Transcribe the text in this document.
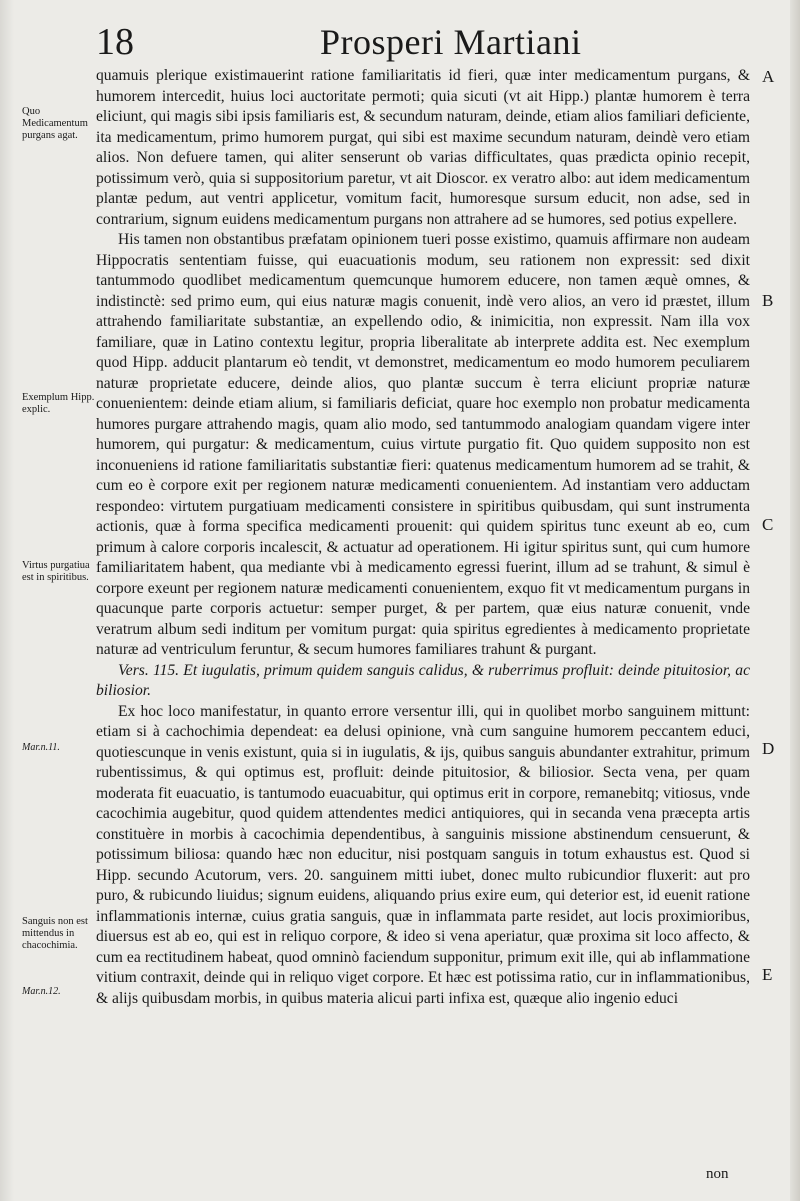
18	Prosperi Martiani

quamuis plerique existimauerint ratione familiaritatis id fieri, quæ inter medicamentum purgans, & humorem intercedit, huius loci auctoritate permoti; quia sicuti (vt ait Hipp.) plantæ humorem è terra eliciunt, qui magis sibi ipsis familiaris est, & secundum naturam, deinde, etiam alios familiari deficiente, ita medicamentum, primo humorem purgat, qui sibi est maxime secundum naturam, deindè vero etiam alios. Non defuere tamen, qui aliter senserunt ob varias difficultates, quas prædicta opinio recepit, potissimum verò, quia si suppositorium paretur, vt ait Dioscor. ex veratro albo: aut idem medicamentum plantæ pedum, aut ventri applicetur, vomitum facit, humoresque sursum educit, non adse, sed in contrarium, signum euidens medicamentum purgans non attrahere ad se humores, sed potius expellere.

His tamen non obstantibus præfatam opinionem tueri posse existimo, quamuis affirmare non audeam Hippocratis sententiam fuisse, qui euacuationis modum, seu rationem non expressit: sed dixit tantummodo quodlibet medicamentum quemcunque humorem educere, non tamen æquè omnes, & indistinctè: sed primo eum, qui eius naturæ magis conuenit, indè vero alios, an vero id præstet, illum attrahendo familiaritate substantiæ, an expellendo odio, & inimicitia, non expressit. Nam illa vox familiare, quæ in Latino contextu legitur, propria liberalitate ab interprete addita est. Nec exemplum quod Hipp. adducit plantarum eò tendit, vt demonstret, medicamentum eo modo humorem peculiarem naturæ proprietate educere, deinde alios, quo plantæ succum è terra eliciunt propriæ naturæ conuenientem: deinde etiam alium, si familiaris deficiat, quare hoc exemplo non probatur medicamenta humores purgare attrahendo magis, quam alio modo, sed tantummodo analogiam quandam vigere inter humorem, qui purgatur: & medicamentum, cuius virtute purgatio fit. Quo quidem supposito non est inconueniens id ratione familiaritatis substantiæ fieri: quatenus medicamentum humorem ad se trahit, & cum eo è corpore exit per regionem naturæ medicamenti conuenientem. Ad instantiam vero adductam respondeo: virtutem purgatiuam medicamenti consistere in spiritibus quibusdam, qui sunt instrumenta actionis, quæ à forma specifica medicamenti prouenit: qui quidem spiritus tunc exeunt ab eo, cum primum à calore corporis incalescit, & actuatur ad operationem. Hi igitur spiritus sunt, qui cum humore familiaritatem habent, qua mediante vbi à medicamento egressi fuerint, illum ad se trahunt, & simul è corpore exeunt per regionem naturæ medicamenti conuenientem, exquo fit vt medicamentum purgans in quacunque parte corporis actuetur: semper purget, & per partem, quæ eius naturæ conuenit, vnde veratrum album sedi inditum per vomitum purgat: quia spiritus egredientes à medicamento proprietate naturæ ad ventriculum feruntur, & secum humores familiares trahunt & purgant.

Vers. 115. Et iugulatis, primum quidem sanguis calidus, & ruberrimus profluit: deinde pituitosior, ac biliosior.

Ex hoc loco manifestatur, in quanto errore versentur illi, qui in quolibet morbo sanguinem mittunt: etiam si à cachochimia dependeat: ea delusi opinione, vnà cum sanguine humorem peccantem educi, quotiescunque in venis existunt, quia si in iugulatis, & ijs, quibus sanguis abundanter extrahitur, primum rubentissimus, & qui optimus est, profluit: deinde pituitosior, & biliosior. Secta vena, per quam moderata fit euacuatio, is tantumodo euacuabitur, qui optimus erit in corpore, remanebitq; vitiosus, vnde cacochimia augebitur, quod quidem attendentes medici antiquiores, qui in secanda vena præcepta artis constituère in morbis à cacochimia dependentibus, à sanguinis missione abstinendum censuerunt, & potissimum biliosa: quando hæc non educitur, nisi postquam sanguis in totum exhaustus est. Quod si Hipp. secundo Acutorum, vers. 20. sanguinem mitti iubet, donec multo rubicundior fluxerit: aut pro puro, & rubicundo liuidus; signum euidens, aliquando prius exire eum, qui deterior est, id euenit ratione inflammationis internæ, cuius gratia sanguis, quæ in inflammata parte residet, aut locis proximioribus, diuersus est ab eo, qui est in reliquo corpore, & ideo si vena aperiatur, quæ proxima sit loco affecto, & cum ea rectitudinem habeat, quod omninò faciendum supponitur, primum exit ille, qui ab inflammatione vitium contraxit, deinde qui in reliquo viget corpore. Et hæc est potissima ratio, cur in inflammationibus, & alijs quibusdam morbis, in quibus materia alicui parti infixa est, quæque alio ingenio educi

Quo Medicamentum purgans agat.
Exemplum Hipp. explic.
Virtus purgatiua est in spiritibus.
Mar.n.11.
Sanguis non est mittendus in chacochimia.
Mar.n.12.
A
B
C
D
E
non
